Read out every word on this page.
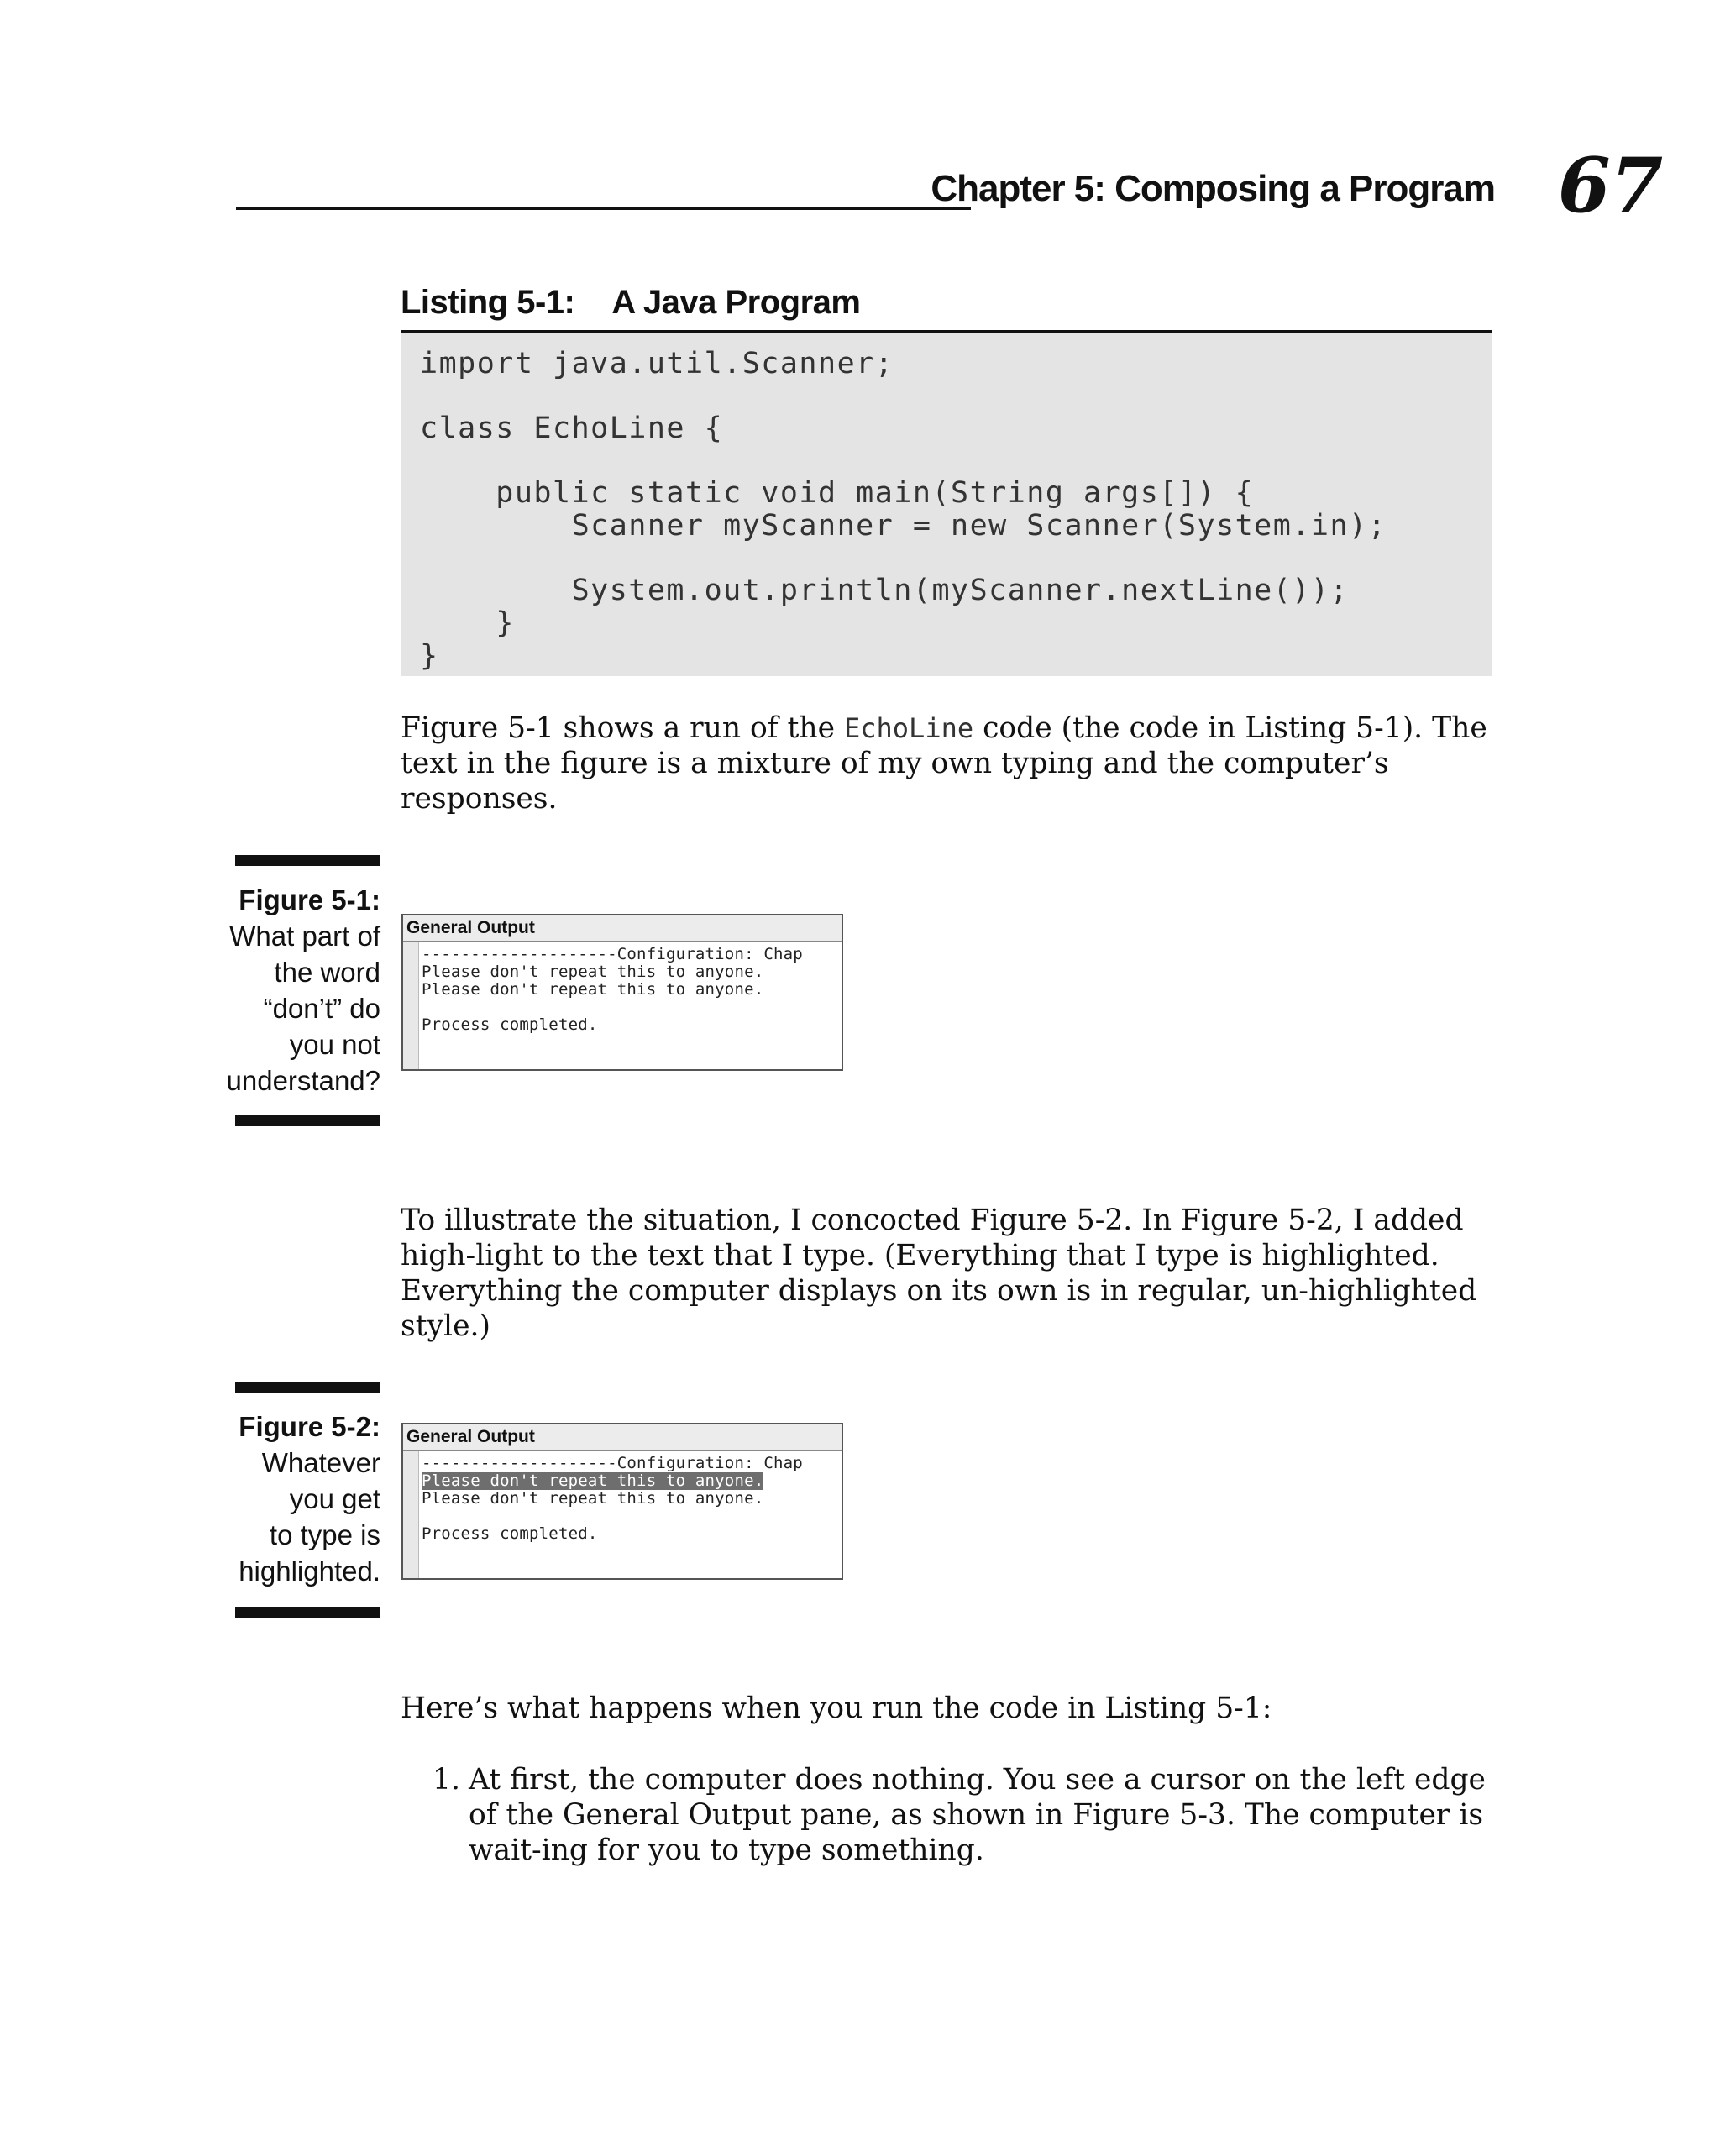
Chapter 5: Composing a Program 67
Listing 5-1: A Java Program
import java.util.Scanner;
class EchoLine {
public static void main(String args[]) {
Scanner myScanner = new Scanner(System.in);
System.out.println(myScanner.nextLine());
}
}
Figure 5-1 shows a run of the EchoLine code (the code in Listing 5-1). The text in the figure is a mixture of my own typing and the computer’s responses.
Figure 5-1:
What part of
the word
“don’t” do
you not
understand?
General Output
--------------------Configuration: Chap
Please don't repeat this to anyone.
Please don't repeat this to anyone.
Process completed.
To illustrate the situation, I concocted Figure 5-2. In Figure 5-2, I added high-light to the text that I type. (Everything that I type is highlighted. Everything the computer displays on its own is in regular, un-highlighted style.)
Figure 5-2:
Whatever
you get
to type is
highlighted.
General Output
--------------------Configuration: Chap
Please don't repeat this to anyone.
Please don't repeat this to anyone.
Process completed.
Here’s what happens when you run the code in Listing 5-1:
1. At first, the computer does nothing. You see a cursor on the left edge of the General Output pane, as shown in Figure 5-3. The computer is wait-ing for you to type something.
